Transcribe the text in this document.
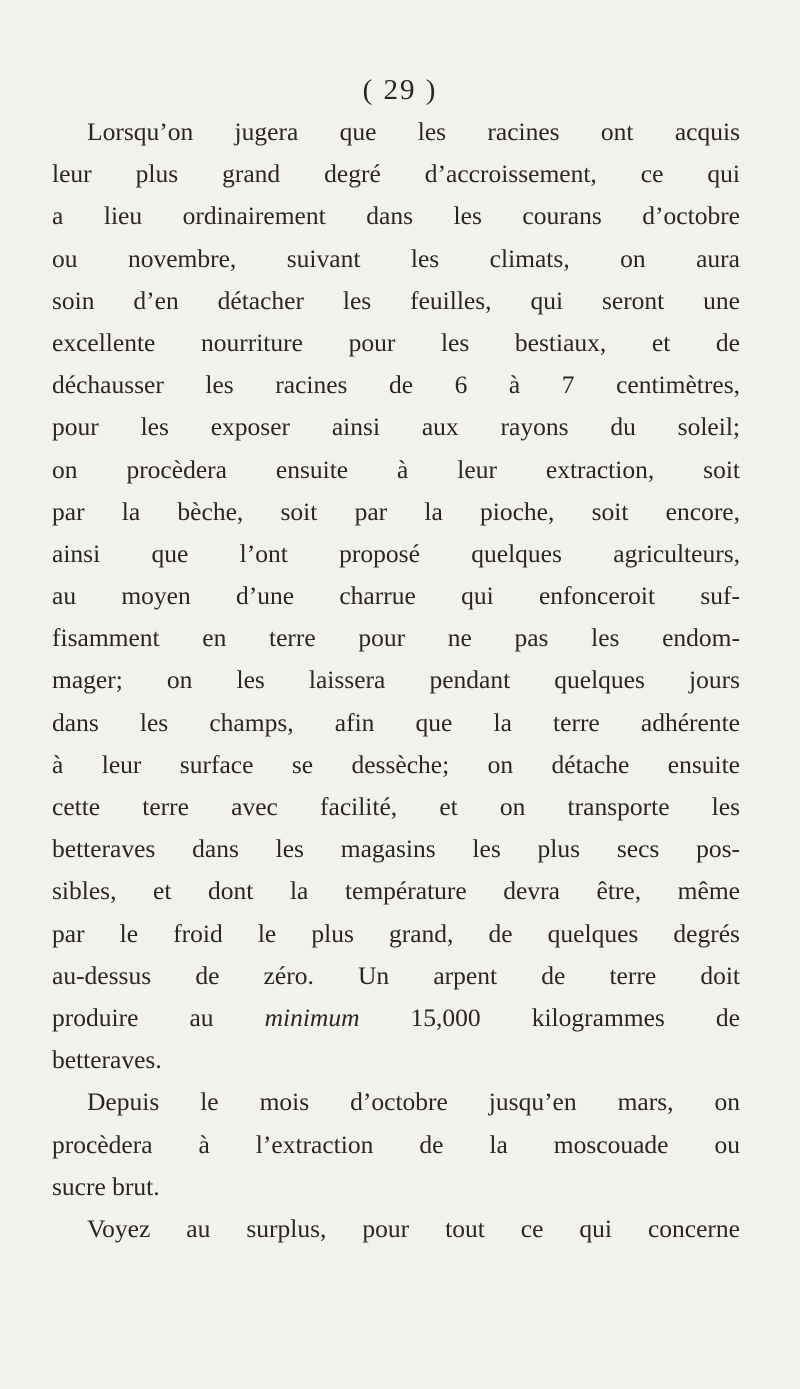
( 29 )
Lorsqu’on jugera que les racines ont acquis
leur plus grand degré d’accroissement, ce qui
a lieu ordinairement dans les courans d’octobre
ou novembre, suivant les climats, on aura
soin d’en détacher les feuilles, qui seront une
excellente nourriture pour les bestiaux, et de
déchausser les racines de 6 à 7 centimètres,
pour les exposer ainsi aux rayons du soleil;
on procèdera ensuite à leur extraction, soit
par la bèche, soit par la pioche, soit encore,
ainsi que l’ont proposé quelques agriculteurs,
au moyen d’une charrue qui enfonceroit suf-
fisamment en terre pour ne pas les endom-
mager; on les laissera pendant quelques jours
dans les champs, afin que la terre adhérente
à leur surface se dessèche; on détache ensuite
cette terre avec facilité, et on transporte les
betteraves dans les magasins les plus secs pos-
sibles, et dont la température devra être, même
par le froid le plus grand, de quelques degrés
au-dessus de zéro. Un arpent de terre doit
produire au minimum 15,000 kilogrammes de
betteraves.
Depuis le mois d’octobre jusqu’en mars, on
procèdera à l’extraction de la moscouade ou
sucre brut.
Voyez au surplus, pour tout ce qui concerne
